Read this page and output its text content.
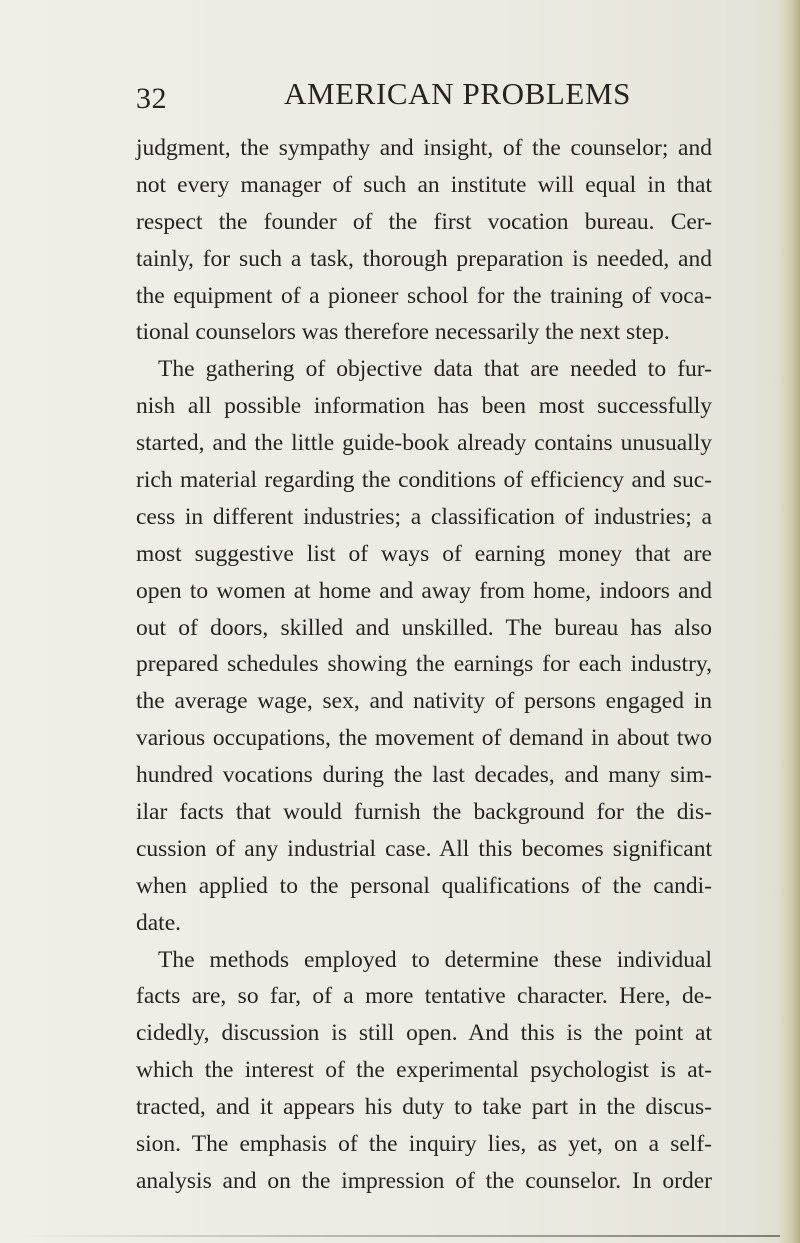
32	AMERICAN PROBLEMS
judgment, the sympathy and insight, of the counselor; and
not every manager of such an institute will equal in that
respect the founder of the first vocation bureau. Cer-
tainly, for such a task, thorough preparation is needed, and
the equipment of a pioneer school for the training of voca-
tional counselors was therefore necessarily the next step.
The gathering of objective data that are needed to fur-
nish all possible information has been most successfully
started, and the little guide-book already contains unusually
rich material regarding the conditions of efficiency and suc-
cess in different industries; a classification of industries; a
most suggestive list of ways of earning money that are
open to women at home and away from home, indoors and
out of doors, skilled and unskilled. The bureau has also
prepared schedules showing the earnings for each industry,
the average wage, sex, and nativity of persons engaged in
various occupations, the movement of demand in about two
hundred vocations during the last decades, and many sim-
ilar facts that would furnish the background for the dis-
cussion of any industrial case. All this becomes significant
when applied to the personal qualifications of the candi-
date.
The methods employed to determine these individual
facts are, so far, of a more tentative character. Here, de-
cidedly, discussion is still open. And this is the point at
which the interest of the experimental psychologist is at-
tracted, and it appears his duty to take part in the discus-
sion. The emphasis of the inquiry lies, as yet, on a self-
analysis and on the impression of the counselor. In order
